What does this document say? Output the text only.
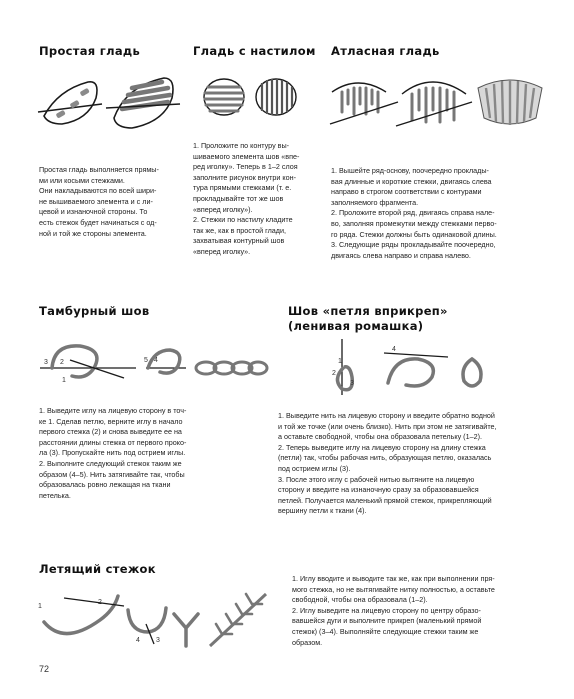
Простая гладь	Гладь с настилом Атласная гладь
Простая гладь выполняется прямы-
ми или косыми стежками.
Они накладываются по всей шири-
не вышиваемого элемента и с ли-
цевой и изнаночной стороны. То
есть стежок будет начинаться с од-
ной и той же стороны элемента.
1. Проложите по контуру вы-
шиваемого элемента шов «впе-
ред иголку». Теперь в 1–2 слоя
заполните рисунок внутри кон-
тура прямыми стежками (т. е.
прокладывайте тот же шов
«вперед иголку»).
2. Стежки по настилу кладите
так же, как в простой глади,
захватывая контурный шов
«вперед иголку».
1. Вышейте ряд-основу, поочередно проклады-
вая длинные и короткие стежки, двигаясь слева
направо в строгом соответствии с контурами
заполняемого фрагмента.
2. Проложите второй ряд, двигаясь справа нале-
во, заполняя промежутки между стежками перво-
го ряда. Стежки должны быть одинаковой длины.
3. Следующие ряды прокладывайте поочередно,
двигаясь слева направо и справа налево.
Тамбурный шов	Шов «петля вприкреп»
(ленивая ромашка)
3 2
1
5 4
2
1
3
4
1. Выведите иглу на лицевую сторону в точ-
ке 1. Сделав петлю, верните иглу в начало
первого стежка (2) и снова выведите ее на
расстоянии длины стежка от первого проко-
ла (3). Пропускайте нить под острием иглы.
2. Выполните следующий стежок таким же
образом (4–5). Нить затягивайте так, чтобы
образовалась ровно лежащая на ткани
петелька.
1. Выведите нить на лицевую сторону и введите обратно водной
и той же точке (или очень близко). Нить при этом не затягивайте,
а оставьте свободной, чтобы она образовала петельку (1–2).
2. Теперь выведите иглу на лицевую сторону на длину стежка
(петли) так, чтобы рабочая нить, образующая петлю, оказалась
под острием иглы (3).
3. После этого иглу с рабочей нитью вытяните на лицевую
сторону и введите на изнаночную сразу за образовавшейся
петлей. Получается маленький прямой стежок, прикрепляющий
вершину петли к ткани (4).
Летящий стежок
1
2
4 3
1. Иглу вводите и выводите так же, как при выполнении пря-
мого стежка, но не вытягивайте нитку полностью, а оставьте
свободной, чтобы она образовала (1–2).
2. Иглу выведите на лицевую сторону по центру образо-
вавшейся дуги и выполните прикреп (маленький прямой
стежок) (3–4). Выполняйте следующие стежки таким же
образом.
72
